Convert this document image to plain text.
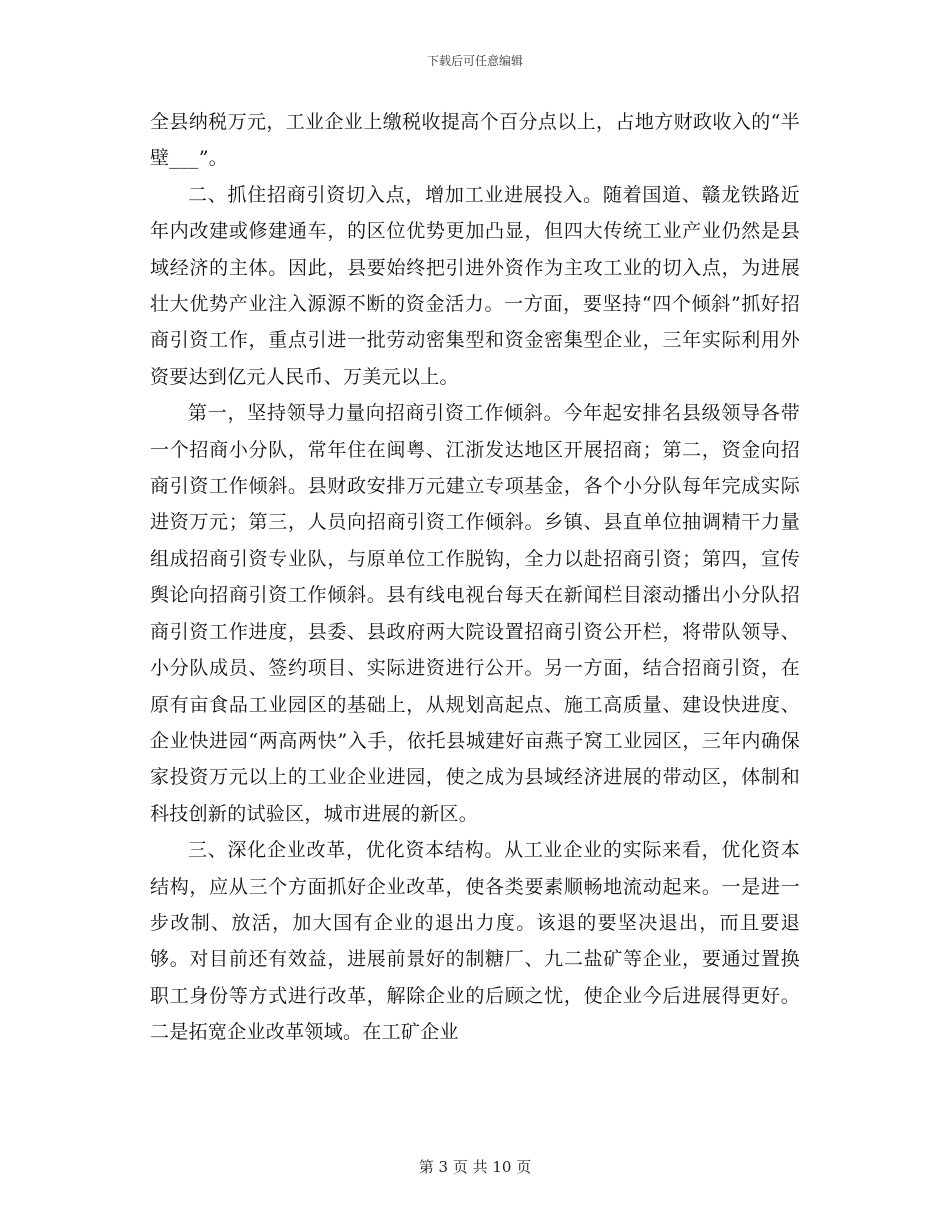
下载后可任意编辑

全县纳税万元，工业企业上缴税收提高个百分点以上，占地方财政收入的“半壁___”。

二、抓住招商引资切入点，增加工业进展投入。随着国道、赣龙铁路近年内改建或修建通车，的区位优势更加凸显，但四大传统工业产业仍然是县域经济的主体。因此，县要始终把引进外资作为主攻工业的切入点，为进展壮大优势产业注入源源不断的资金活力。一方面，要坚持“四个倾斜”抓好招商引资工作，重点引进一批劳动密集型和资金密集型企业，三年实际利用外资要达到亿元人民币、万美元以上。

第一，坚持领导力量向招商引资工作倾斜。今年起安排名县级领导各带一个招商小分队，常年住在闽粤、江浙发达地区开展招商；第二，资金向招商引资工作倾斜。县财政安排万元建立专项基金，各个小分队每年完成实际进资万元；第三，人员向招商引资工作倾斜。乡镇、县直单位抽调精干力量组成招商引资专业队，与原单位工作脱钩，全力以赴招商引资；第四，宣传舆论向招商引资工作倾斜。县有线电视台每天在新闻栏目滚动播出小分队招商引资工作进度，县委、县政府两大院设置招商引资公开栏，将带队领导、小分队成员、签约项目、实际进资进行公开。另一方面，结合招商引资，在原有亩食品工业园区的基础上，从规划高起点、施工高质量、建设快进度、企业快进园“两高两快”入手，依托县城建好亩燕子窝工业园区，三年内确保家投资万元以上的工业企业进园，使之成为县域经济进展的带动区，体制和科技创新的试验区，城市进展的新区。

三、深化企业改革，优化资本结构。从工业企业的实际来看，优化资本结构，应从三个方面抓好企业改革，使各类要素顺畅地流动起来。一是进一步改制、放活，加大国有企业的退出力度。该退的要坚决退出，而且要退够。对目前还有效益，进展前景好的制糖厂、九二盐矿等企业，要通过置换职工身份等方式进行改革，解除企业的后顾之忧，使企业今后进展得更好。二是拓宽企业改革领域。在工矿企业

第 3 页 共 10 页
